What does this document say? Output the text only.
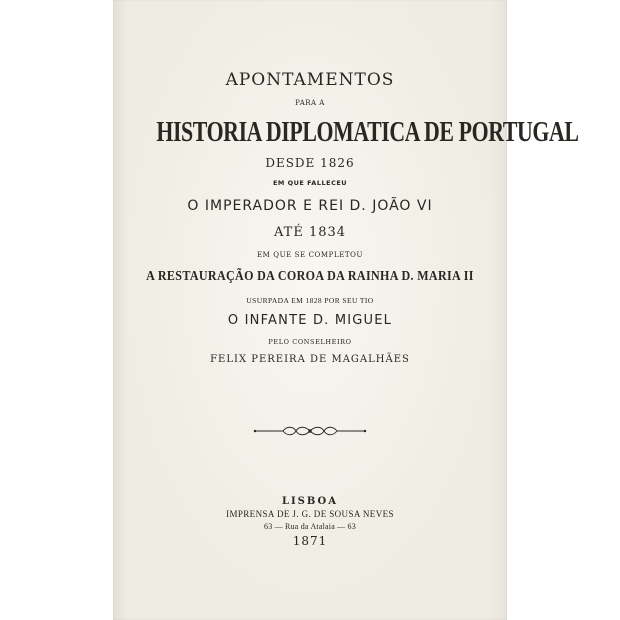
APONTAMENTOS
PARA A
HISTORIA DIPLOMATICA DE PORTUGAL
DESDE 1826
EM QUE FALLECEU
O IMPERADOR E REI D. JOÃO VI
ATÉ 1834
EM QUE SE COMPLETOU
A RESTAURAÇÃO DA COROA DA RAINHA D. MARIA II
USURPADA EM 1828 POR SEU TIO
O INFANTE D. MIGUEL
PELO CONSELHEIRO
FELIX PEREIRA DE MAGALHÃES
LISBOA
IMPRENSA DE J. G. DE SOUSA NEVES
63 — Rua da Atalaia — 63
1871
